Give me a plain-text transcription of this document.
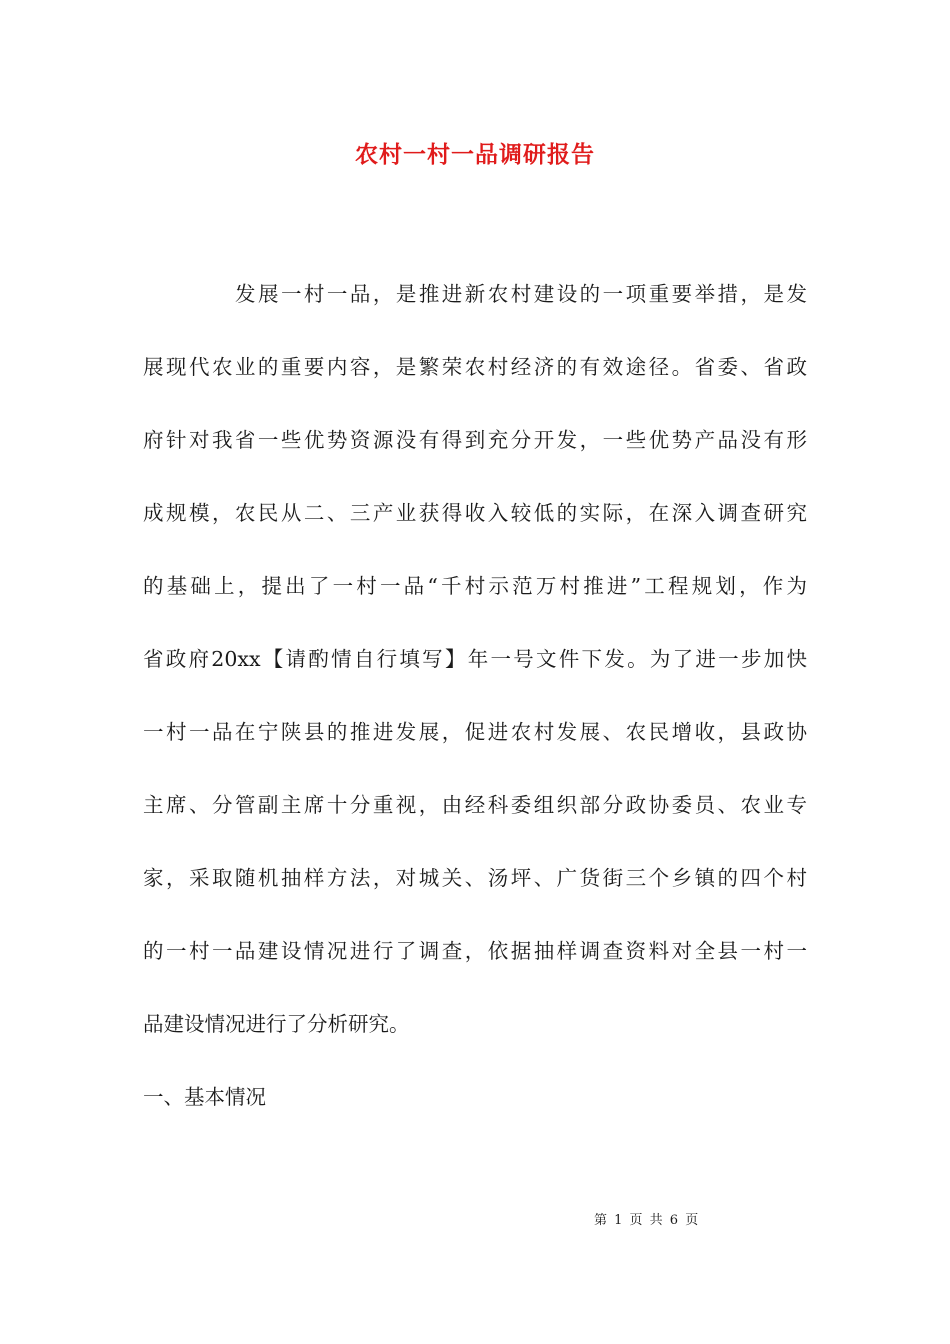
农村一村一品调研报告
发展一村一品，是推进新农村建设的一项重要举措，是发
展现代农业的重要内容，是繁荣农村经济的有效途径。省委、省政
府针对我省一些优势资源没有得到充分开发，一些优势产品没有形
成规模，农民从二、三产业获得收入较低的实际，在深入调查研究
的基础上，提出了一村一品“千村示范万村推进”工程规划，作为
省政府20xx【请酌情自行填写】年一号文件下发。为了进一步加快
一村一品在宁陕县的推进发展，促进农村发展、农民增收，县政协
主席、分管副主席十分重视，由经科委组织部分政协委员、农业专
家，采取随机抽样方法，对城关、汤坪、广货街三个乡镇的四个村
的一村一品建设情况进行了调查，依据抽样调查资料对全县一村一
品建设情况进行了分析研究。
一、基本情况
第 1 页 共 6 页
